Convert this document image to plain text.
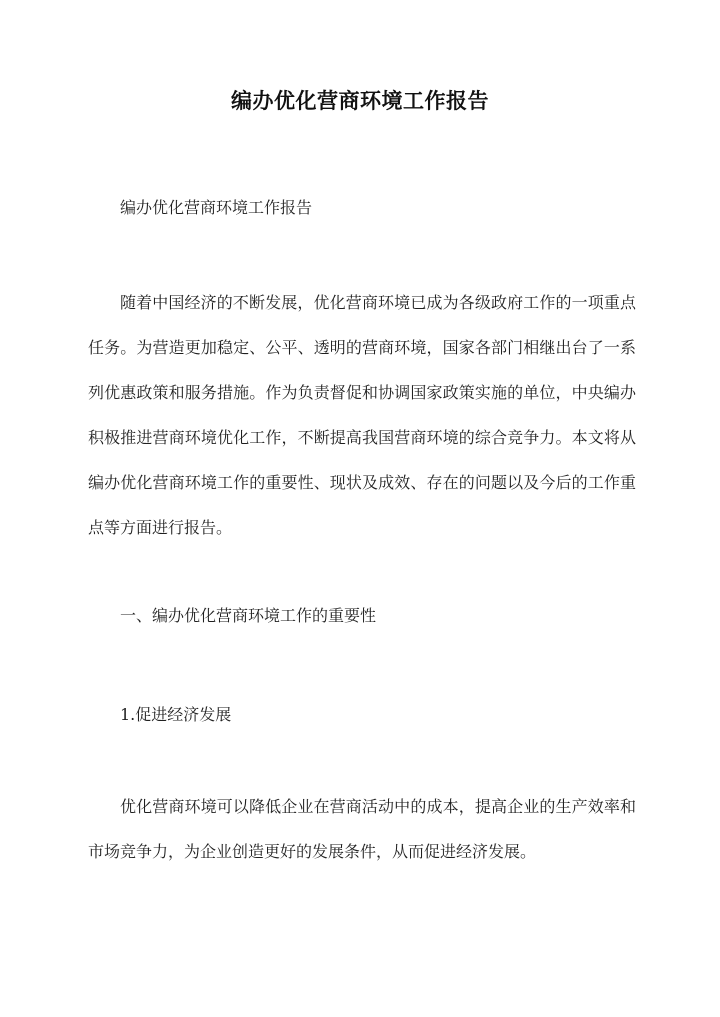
编办优化营商环境工作报告
编办优化营商环境工作报告
随着中国经济的不断发展，优化营商环境已成为各级政府工作的一项重点任务。为营造更加稳定、公平、透明的营商环境，国家各部门相继出台了一系列优惠政策和服务措施。作为负责督促和协调国家政策实施的单位，中央编办积极推进营商环境优化工作，不断提高我国营商环境的综合竞争力。本文将从编办优化营商环境工作的重要性、现状及成效、存在的问题以及今后的工作重点等方面进行报告。
一、编办优化营商环境工作的重要性
1.促进经济发展
优化营商环境可以降低企业在营商活动中的成本，提高企业的生产效率和市场竞争力，为企业创造更好的发展条件，从而促进经济发展。
